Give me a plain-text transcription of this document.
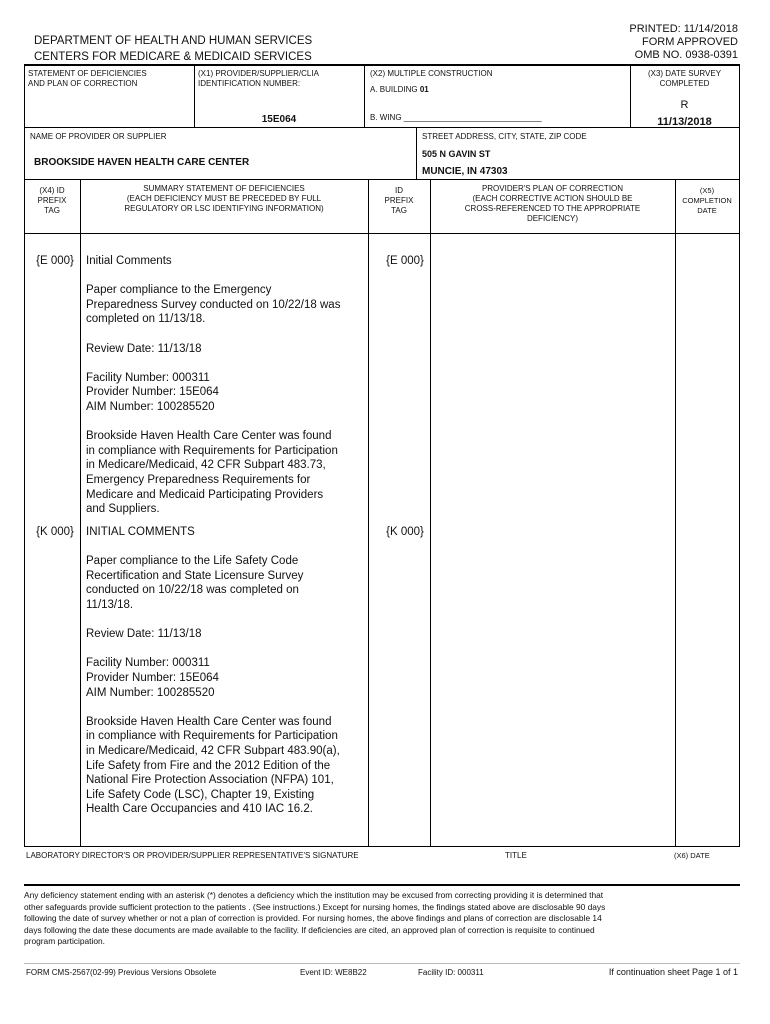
PRINTED: 11/14/2018
FORM APPROVED
OMB NO. 0938-0391
DEPARTMENT OF HEALTH AND HUMAN SERVICES
CENTERS FOR MEDICARE & MEDICAID SERVICES
STATEMENT OF DEFICIENCIES
AND PLAN OF CORRECTION
(X1) PROVIDER/SUPPLIER/CLIA
IDENTIFICATION NUMBER:
15E064
(X2) MULTIPLE CONSTRUCTION
A. BUILDING 01
B. WING _______________________________
(X3) DATE SURVEY
COMPLETED
R
11/13/2018
NAME OF PROVIDER OR SUPPLIER
BROOKSIDE HAVEN HEALTH CARE CENTER
STREET ADDRESS, CITY, STATE, ZIP CODE
505 N GAVIN ST
MUNCIE, IN 47303
(X4) ID
PREFIX
TAG
SUMMARY STATEMENT OF DEFICIENCIES
(EACH DEFICIENCY MUST BE PRECEDED BY FULL
REGULATORY OR LSC IDENTIFYING INFORMATION)
ID
PREFIX
TAG
PROVIDER'S PLAN OF CORRECTION
(EACH CORRECTIVE ACTION SHOULD BE
CROSS-REFERENCED TO THE APPROPRIATE
DEFICIENCY)
(X5)
COMPLETION
DATE
{E 000}	Initial Comments

Paper compliance to the Emergency
Preparedness Survey conducted on 10/22/18 was
completed on 11/13/18.

Review Date: 11/13/18

Facility Number: 000311
Provider Number: 15E064
AIM Number: 100285520

Brookside Haven Health Care Center was found
in compliance with Requirements for Participation
in Medicare/Medicaid, 42 CFR Subpart 483.73,
Emergency Preparedness Requirements for
Medicare and Medicaid Participating Providers
and Suppliers.
{E 000}
{K 000}	INITIAL COMMENTS

Paper compliance to the Life Safety Code
Recertification and State Licensure Survey
conducted on 10/22/18 was completed on
11/13/18.

Review Date: 11/13/18

Facility Number: 000311
Provider Number: 15E064
AIM Number: 100285520

Brookside Haven Health Care Center was found
in compliance with Requirements for Participation
in Medicare/Medicaid, 42 CFR Subpart 483.90(a),
Life Safety from Fire and the 2012 Edition of the
National Fire Protection Association (NFPA) 101,
Life Safety Code (LSC), Chapter 19, Existing
Health Care Occupancies and 410 IAC 16.2.
{K 000}
LABORATORY DIRECTOR'S OR PROVIDER/SUPPLIER REPRESENTATIVE'S SIGNATURE	TITLE	(X6) DATE
Any deficiency statement ending with an asterisk (*) denotes a deficiency which the institution may be excused from correcting providing it is determined that
other safeguards provide sufficient protection to the patients . (See instructions.) Except for nursing homes, the findings stated above are disclosable 90 days
following the date of survey whether or not a plan of correction is provided. For nursing homes, the above findings and plans of correction are disclosable 14
days following the date these documents are made available to the facility. If deficiencies are cited, an approved plan of correction is requisite to continued
program participation.
FORM CMS-2567(02-99) Previous Versions Obsolete	Event ID: WE8B22	Facility ID: 000311	If continuation sheet Page 1 of 1
